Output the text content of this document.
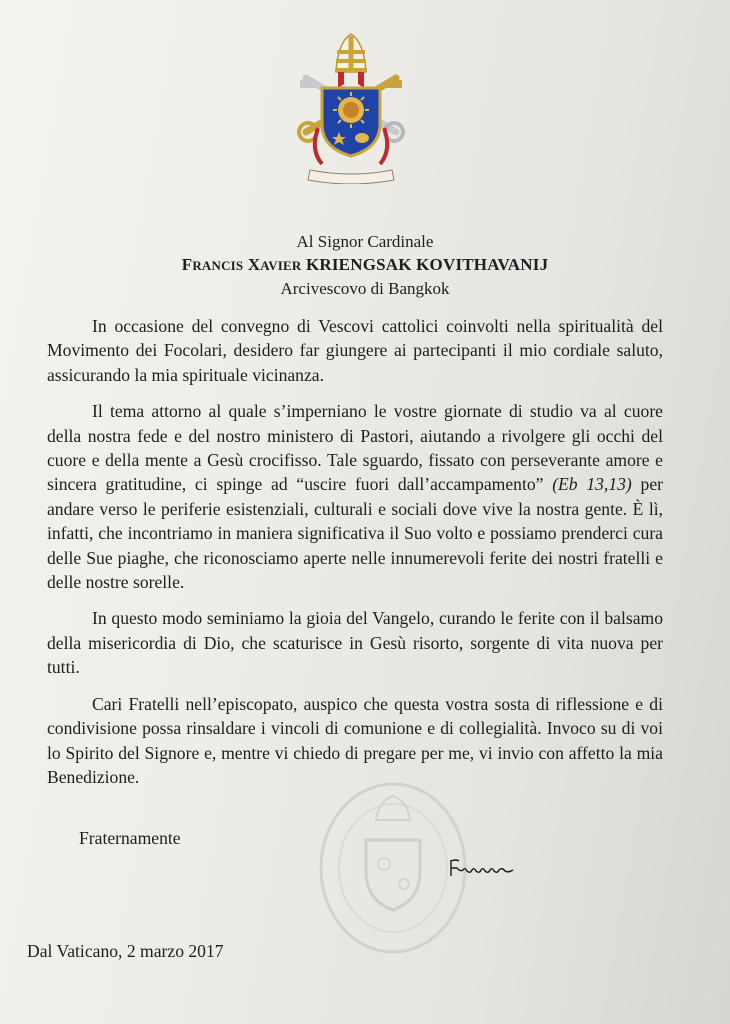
Al Signor Cardinale
FRANCIS XAVIER KRIENGSAK KOVITHAVANIJ
Arcivescovo di Bangkok

In occasione del convegno di Vescovi cattolici coinvolti nella spiritualità del Movimento dei Focolari, desidero far giungere ai partecipanti il mio cordiale saluto, assicurando la mia spirituale vicinanza.

Il tema attorno al quale s’imperniano le vostre giornate di studio va al cuore della nostra fede e del nostro ministero di Pastori, aiutando a rivolgere gli occhi del cuore e della mente a Gesù crocifisso. Tale sguardo, fissato con perseverante amore e sincera gratitudine, ci spinge ad “uscire fuori dall’accampamento” (Eb 13,13) per andare verso le periferie esistenziali, culturali e sociali dove vive la nostra gente. È lì, infatti, che incontriamo in maniera significativa il Suo volto e possiamo prenderci cura delle Sue piaghe, che riconosciamo aperte nelle innumerevoli ferite dei nostri fratelli e delle nostre sorelle.

In questo modo seminiamo la gioia del Vangelo, curando le ferite con il balsamo della misericordia di Dio, che scaturisce in Gesù risorto, sorgente di vita nuova per tutti.

Cari Fratelli nell’episcopato, auspico che questa vostra sosta di riflessione e di condivisione possa rinsaldare i vincoli di comunione e di collegialità. Invoco su di voi lo Spirito del Signore e, mentre vi chiedo di pregare per me, vi invio con affetto la mia Benedizione.

Fraternamente
Dal Vaticano, 2 marzo 2017
